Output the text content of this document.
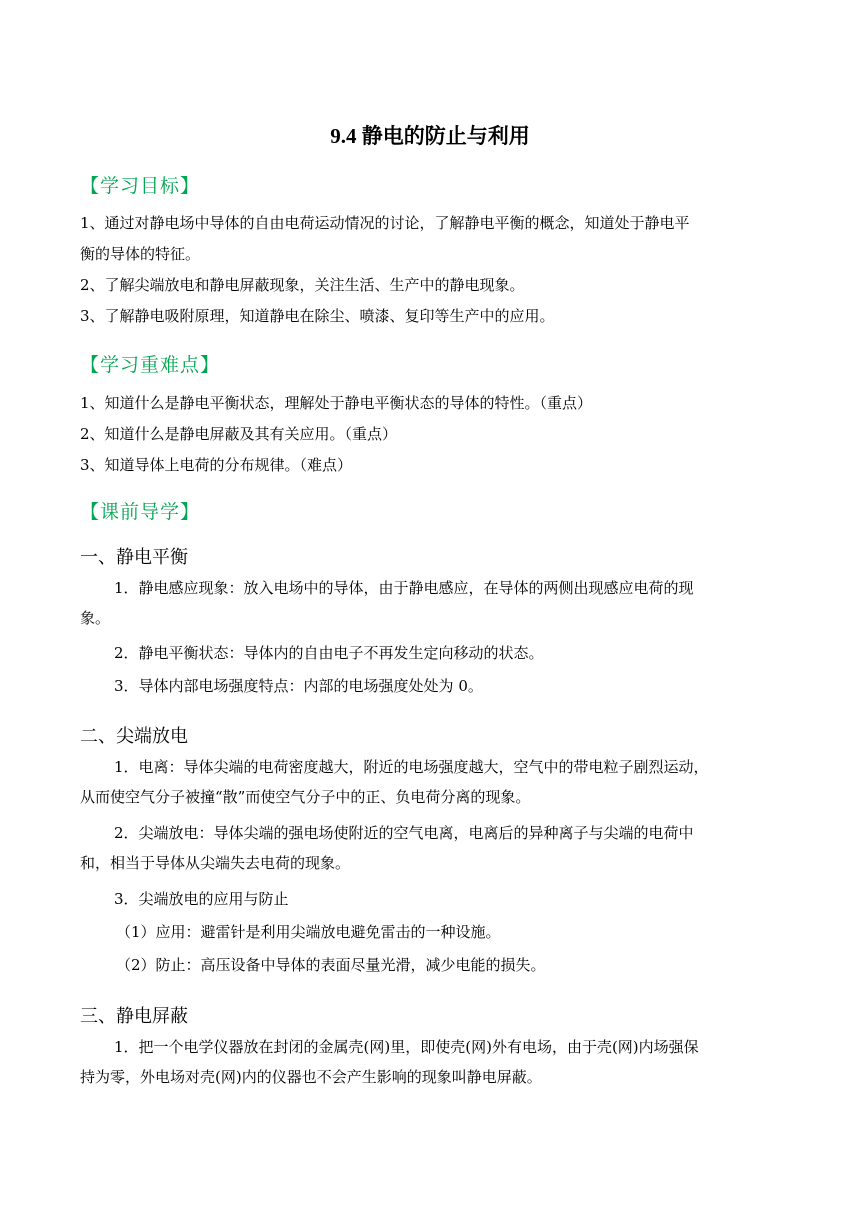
9.4 静电的防止与利用
【学习目标】
1、通过对静电场中导体的自由电荷运动情况的讨论，了解静电平衡的概念，知道处于静电平
衡的导体的特征。
2、了解尖端放电和静电屏蔽现象，关注生活、生产中的静电现象。
3、了解静电吸附原理，知道静电在除尘、喷漆、复印等生产中的应用。
【学习重难点】
1、知道什么是静电平衡状态，理解处于静电平衡状态的导体的特性。（重点）
2、知道什么是静电屏蔽及其有关应用。（重点）
3、知道导体上电荷的分布规律。（难点）
【课前导学】
一、静电平衡
1．静电感应现象：放入电场中的导体，由于静电感应，在导体的两侧出现感应电荷的现
象。
2．静电平衡状态：导体内的自由电子不再发生定向移动的状态。
3．导体内部电场强度特点：内部的电场强度处处为 0。
二、尖端放电
1．电离：导体尖端的电荷密度越大，附近的电场强度越大，空气中的带电粒子剧烈运动，
从而使空气分子被撞“散”而使空气分子中的正、负电荷分离的现象。
2．尖端放电：导体尖端的强电场使附近的空气电离，电离后的异种离子与尖端的电荷中
和，相当于导体从尖端失去电荷的现象。
3．尖端放电的应用与防止
（1）应用：避雷针是利用尖端放电避免雷击的一种设施。
（2）防止：高压设备中导体的表面尽量光滑，减少电能的损失。
三、静电屏蔽
1．把一个电学仪器放在封闭的金属壳(网)里，即使壳(网)外有电场，由于壳(网)内场强保
持为零，外电场对壳(网)内的仪器也不会产生影响的现象叫静电屏蔽。
